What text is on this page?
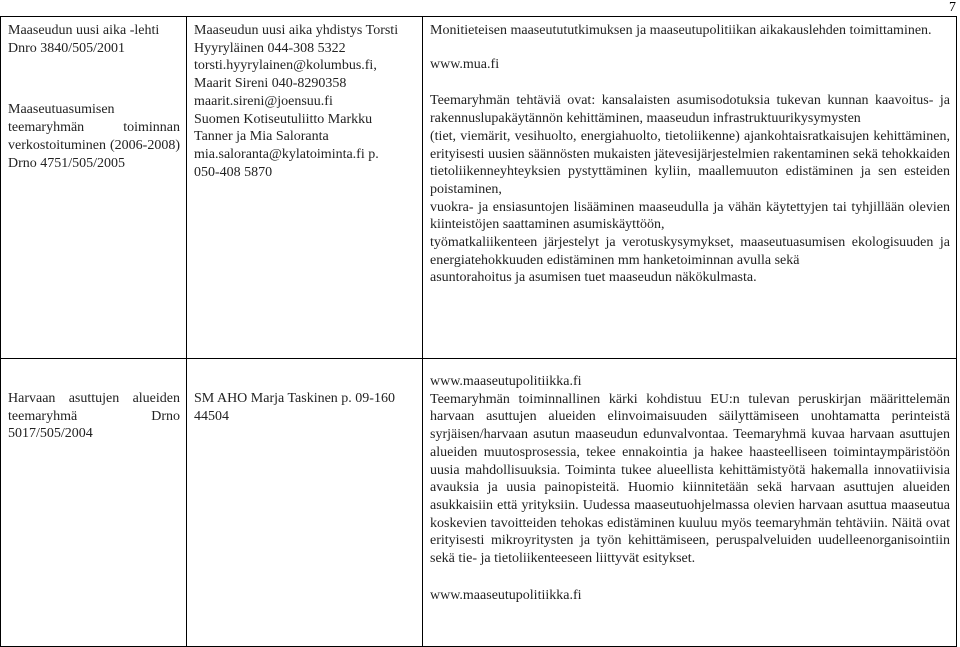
7

Maaseudun uusi aika -lehti Dnro 3840/505/2001

Maaseutuasumisen teemaryhmän toiminnan verkostoituminen (2006-2008) Drno 4751/505/2005

Maaseudun uusi aika yhdistys Torsti
Hyyryläinen 044-308 5322
torsti.hyyrylainen@kolumbus.fi,
Maarit Sireni 040-8290358
maarit.sireni@joensuu.fi
Suomen Kotiseutuliitto Markku
Tanner ja Mia Saloranta
mia.saloranta@kylatoiminta.fi p.
050-408 5870

Monitieteisen maaseutututkimuksen ja maaseutupolitiikan aikakauslehden toimittaminen.

www.mua.fi

Teemaryhmän tehtäviä ovat: kansalaisten asumisodotuksia tukevan kunnan kaavoitus- ja rakennuslupakäytännön kehittäminen, maaseudun infrastruktuurikysymysten
(tiet, viemärit, vesihuolto, energiahuolto, tietoliikenne) ajankohtaisratkaisujen kehittäminen, erityisesti uusien säännösten mukaisten jätevesijärjestelmien rakentaminen sekä tehokkaiden tietoliikenneyhteyksien pystyttäminen kyliin, maallemuuton edistäminen ja sen esteiden poistaminen,
vuokra- ja ensiasuntojen lisääminen maaseudulla ja vähän käytettyjen tai tyhjillään olevien kiinteistöjen saattaminen asumiskäyttöön,
työmatkaliikenteen järjestelyt ja verotuskysymykset, maaseutuasumisen ekologisuuden ja energiatehokkuuden edistäminen mm hanketoiminnan avulla sekä
asuntorahoitus ja asumisen tuet maaseudun näkökulmasta.

Harvaan asuttujen alueiden teemaryhmä Drno 5017/505/2004

SM AHO Marja Taskinen p. 09-160 44504

www.maaseutupolitiikka.fi

Teemaryhmän toiminnallinen kärki kohdistuu EU:n tulevan peruskirjan määrittelemän harvaan asuttujen alueiden elinvoimaisuuden säilyttämiseen unohtamatta perinteistä syrjäisen/harvaan asutun maaseudun edunvalvontaa. Teemaryhmä kuvaa harvaan asuttujen alueiden muutosprosessia, tekee ennakointia ja hakee haasteelliseen toimintaympäristöön uusia mahdollisuuksia. Toiminta tukee alueellista kehittämistyötä hakemalla innovatiivisia avauksia ja uusia painopisteitä. Huomio kiinnitetään sekä harvaan asuttujen alueiden asukkaisiin että yrityksiin. Uudessa maaseutuohjelmassa olevien harvaan asuttua maaseutua koskevien tavoitteiden tehokas edistäminen kuuluu myös teemaryhmän tehtäviin. Näitä ovat erityisesti mikroyritysten ja työn kehittämiseen, peruspalveluiden uudelleenorganisointiin sekä tie- ja tietoliikenteeseen liittyvät esitykset.

www.maaseutupolitiikka.fi
